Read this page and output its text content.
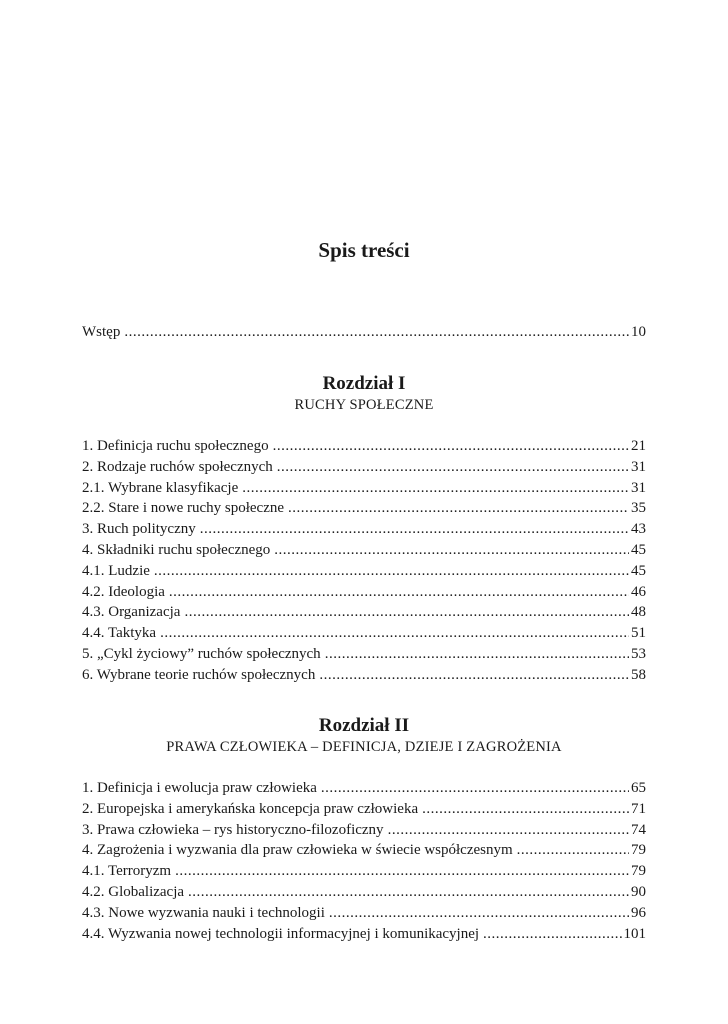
Spis treści
Wstęp .....	10
Rozdział I
RUCHY SPOŁECZNE
1. Definicja ruchu społecznego .....	21
2. Rodzaje ruchów społecznych .....	31
2.1. Wybrane klasyfikacje .....	31
2.2. Stare i nowe ruchy społeczne .....	35
3. Ruch polityczny .....	43
4. Składniki ruchu społecznego .....	45
4.1. Ludzie .....	45
4.2. Ideologia .....	46
4.3. Organizacja .....	48
4.4. Taktyka .....	51
5. „Cykl życiowy” ruchów społecznych .....	53
6. Wybrane teorie ruchów społecznych .....	58
Rozdział II
PRAWA CZŁOWIEKA – DEFINICJA, DZIEJE I ZAGROŻENIA
1. Definicja i ewolucja praw człowieka .....	65
2. Europejska i amerykańska koncepcja praw człowieka .....	71
3. Prawa człowieka – rys historyczno-filozoficzny .....	74
4. Zagrożenia i wyzwania dla praw człowieka w świecie współczesnym .....	79
4.1. Terroryzm .....	79
4.2. Globalizacja .....	90
4.3. Nowe wyzwania nauki i technologii .....	96
4.4. Wyzwania nowej technologii informacyjnej i komunikacyjnej .....	101
